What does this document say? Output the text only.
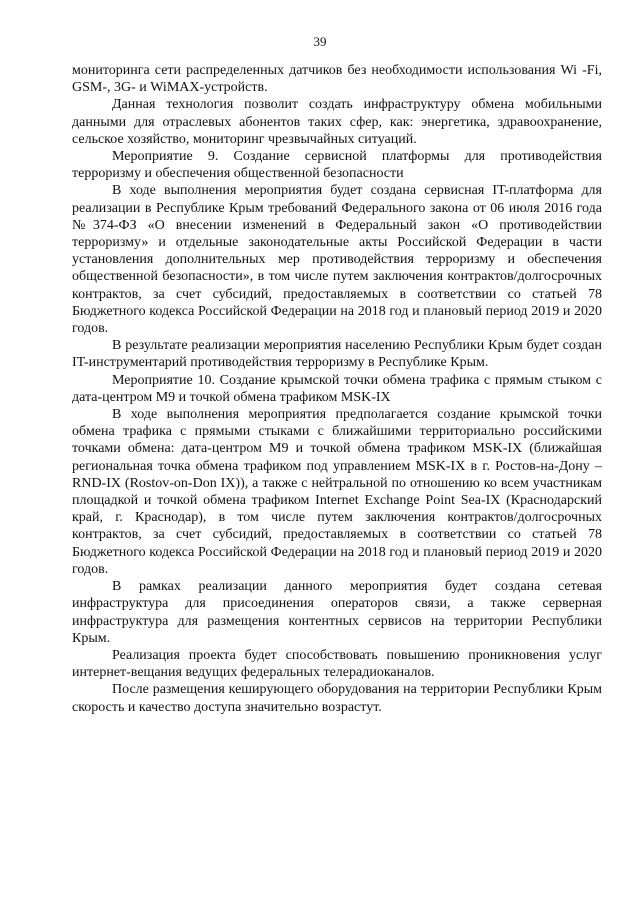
39

мониторинга сети распределенных датчиков без необходимости использования Wi -Fi, GSM-, 3G- и WiMAX-устройств.

Данная технология позволит создать инфраструктуру обмена мобильными данными для отраслевых абонентов таких сфер, как: энергетика, здравоохранение, сельское хозяйство, мониторинг чрезвычайных ситуаций.

Мероприятие 9. Создание сервисной платформы для противодействия терроризму и обеспечения общественной безопасности

В ходе выполнения мероприятия будет создана сервисная IT-платформа для реализации в Республике Крым требований Федерального закона от 06 июля 2016 года №374-ФЗ «О внесении изменений в Федеральный закон «О противодействии терроризму» и отдельные законодательные акты Российской Федерации в части установления дополнительных мер противодействия терроризму и обеспечения общественной безопасности», в том числе путем заключения контрактов/долгосрочных контрактов, за счет субсидий, предоставляемых в соответствии со статьей 78 Бюджетного кодекса Российской Федерации на 2018 год и плановый период 2019 и 2020 годов.

В результате реализации мероприятия населению Республики Крым будет создан IT-инструментарий противодействия терроризму в Республике Крым.

Мероприятие 10. Создание крымской точки обмена трафика с прямым стыком с дата-центром М9 и точкой обмена трафиком MSK-IX

В ходе выполнения мероприятия предполагается создание крымской точки обмена трафика с прямыми стыками с ближайшими территориально российскими точками обмена: дата-центром М9 и точкой обмена трафиком MSK-IX (ближайшая региональная точка обмена трафиком под управлением MSK-IX в г. Ростов-на-Дону – RND-IX (Rostov-on-Don IX)), а также с нейтральной по отношению ко всем участникам площадкой и точкой обмена трафиком Internet Exchange Point Sea-IX (Краснодарский край, г. Краснодар), в том числе путем заключения контрактов/долгосрочных контрактов, за счет субсидий, предоставляемых в соответствии со статьей 78 Бюджетного кодекса Российской Федерации на 2018 год и плановый период 2019 и 2020 годов.

В рамках реализации данного мероприятия будет создана сетевая инфраструктура для присоединения операторов связи, а также серверная инфраструктура для размещения контентных сервисов на территории Республики Крым.

Реализация проекта будет способствовать повышению проникновения услуг интернет-вещания ведущих федеральных телерадиоканалов.

После размещения кеширующего оборудования на территории Республики Крым скорость и качество доступа значительно возрастут.
